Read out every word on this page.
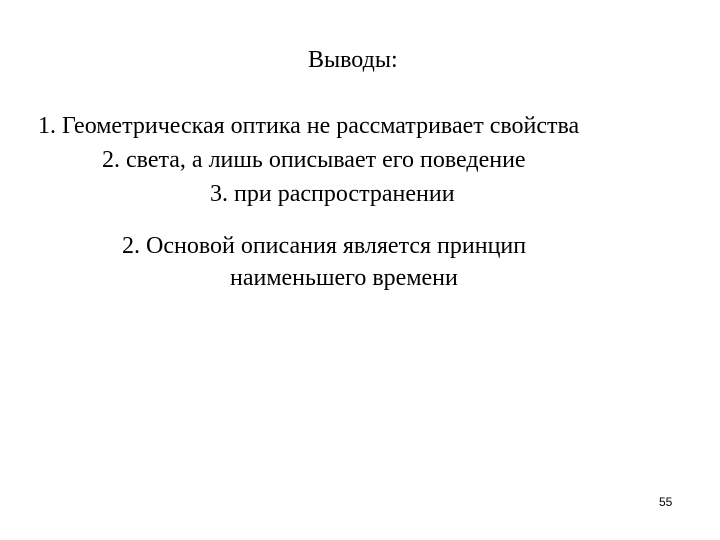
Выводы:
1. Геометрическая оптика не рассматривает свойства
2. света, а лишь описывает его поведение
3. при распространении
2. Основой описания является принцип
наименьшего времени
55
